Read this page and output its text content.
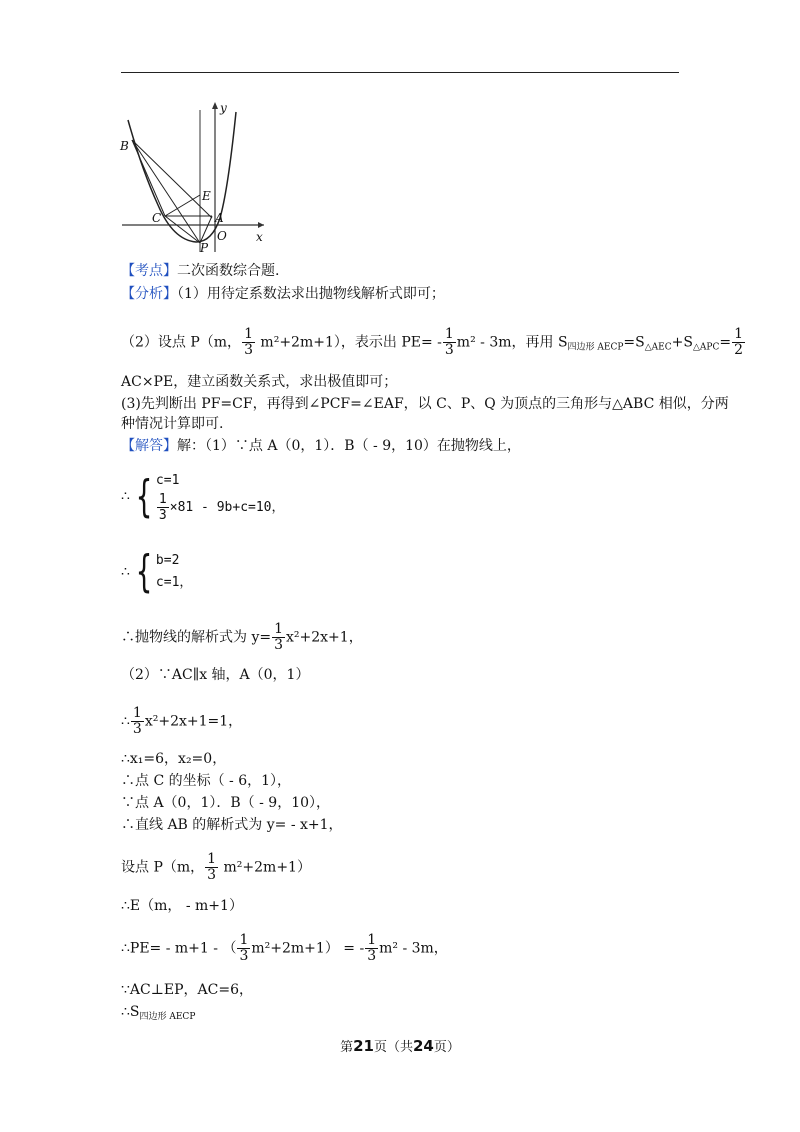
y
x
B
E
C	A
O
P
【考点】二次函数综合题.
【分析】（1）用待定系数法求出抛物线解析式即可；
（2）设点 P（m， $\frac{1}{3} m^2+2m+1$），表示出 $PE= - \frac{1}{3} m^2 - 3m$，再用 $S_{四边形 AECP}=S_{\triangle AEC}+S_{\triangle APC}= \frac{1}{2}$
AC×PE，建立函数关系式，求出极值即可；
(3)先判断出 PF=CF，再得到∠PCF=∠EAF，以 C、P、Q 为顶点的三角形与△ABC 相似，分两
种情况计算即可.
【解答】解：（1）∵点 A（0，1）．B（ - 9，10）在抛物线上，
∴ { c=1
$\frac{1}{3} \times 81 - 9b+c=10$，
∴ { b=2
c=1，
∴抛物线的解析式为 $y= \frac{1}{3} x^2+2x+1$，
（2）∵AC∥x 轴，A（0，1）
∴ $\frac{1}{3} x^2+2x+1=1$，
∴x₁=6，x₂=0，
∴点 C 的坐标（ - 6，1），
∵点 A（0，1）．B（ - 9，10），
∴直线 AB 的解析式为 y= - x+1，
设点 P（m， $\frac{1}{3} m^2+2m+1$）
∴E（m， - m+1）
∴PE= - m+1 - （ $\frac{1}{3} m^2+2m+1$） = - $\frac{1}{3} m^2 - 3m$，
∵AC⊥EP，AC=6，
$\therefore S_{四边形 AECP}$
第21页（共24页）
